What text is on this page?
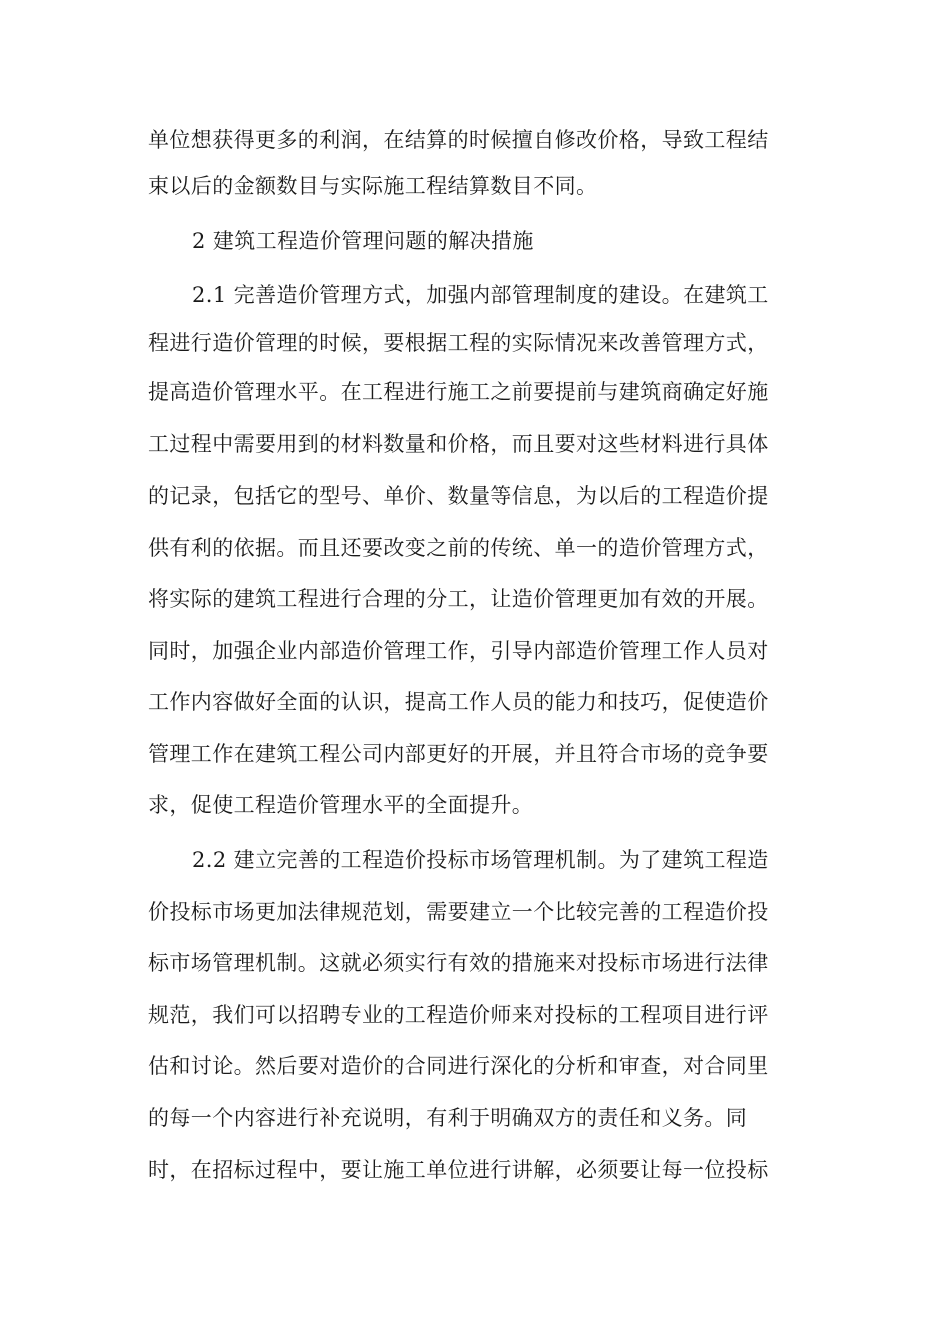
单位想获得更多的利润，在结算的时候擅自修改价格，导致工程结
束以后的金额数目与实际施工程结算数目不同。
2 建筑工程造价管理问题的解决措施
2.1 完善造价管理方式，加强内部管理制度的建设。在建筑工
程进行造价管理的时候，要根据工程的实际情况来改善管理方式，
提高造价管理水平。在工程进行施工之前要提前与建筑商确定好施
工过程中需要用到的材料数量和价格，而且要对这些材料进行具体
的记录，包括它的型号、单价、数量等信息，为以后的工程造价提
供有利的依据。而且还要改变之前的传统、单一的造价管理方式，
将实际的建筑工程进行合理的分工，让造价管理更加有效的开展。
同时，加强企业内部造价管理工作，引导内部造价管理工作人员对
工作内容做好全面的认识，提高工作人员的能力和技巧，促使造价
管理工作在建筑工程公司内部更好的开展，并且符合市场的竞争要
求，促使工程造价管理水平的全面提升。
2.2 建立完善的工程造价投标市场管理机制。为了建筑工程造
价投标市场更加法律规范划，需要建立一个比较完善的工程造价投
标市场管理机制。这就必须实行有效的措施来对投标市场进行法律
规范，我们可以招聘专业的工程造价师来对投标的工程项目进行评
估和讨论。然后要对造价的合同进行深化的分析和审查，对合同里
的每一个内容进行补充说明，有利于明确双方的责任和义务。同
时，在招标过程中，要让施工单位进行讲解，必须要让每一位投标
